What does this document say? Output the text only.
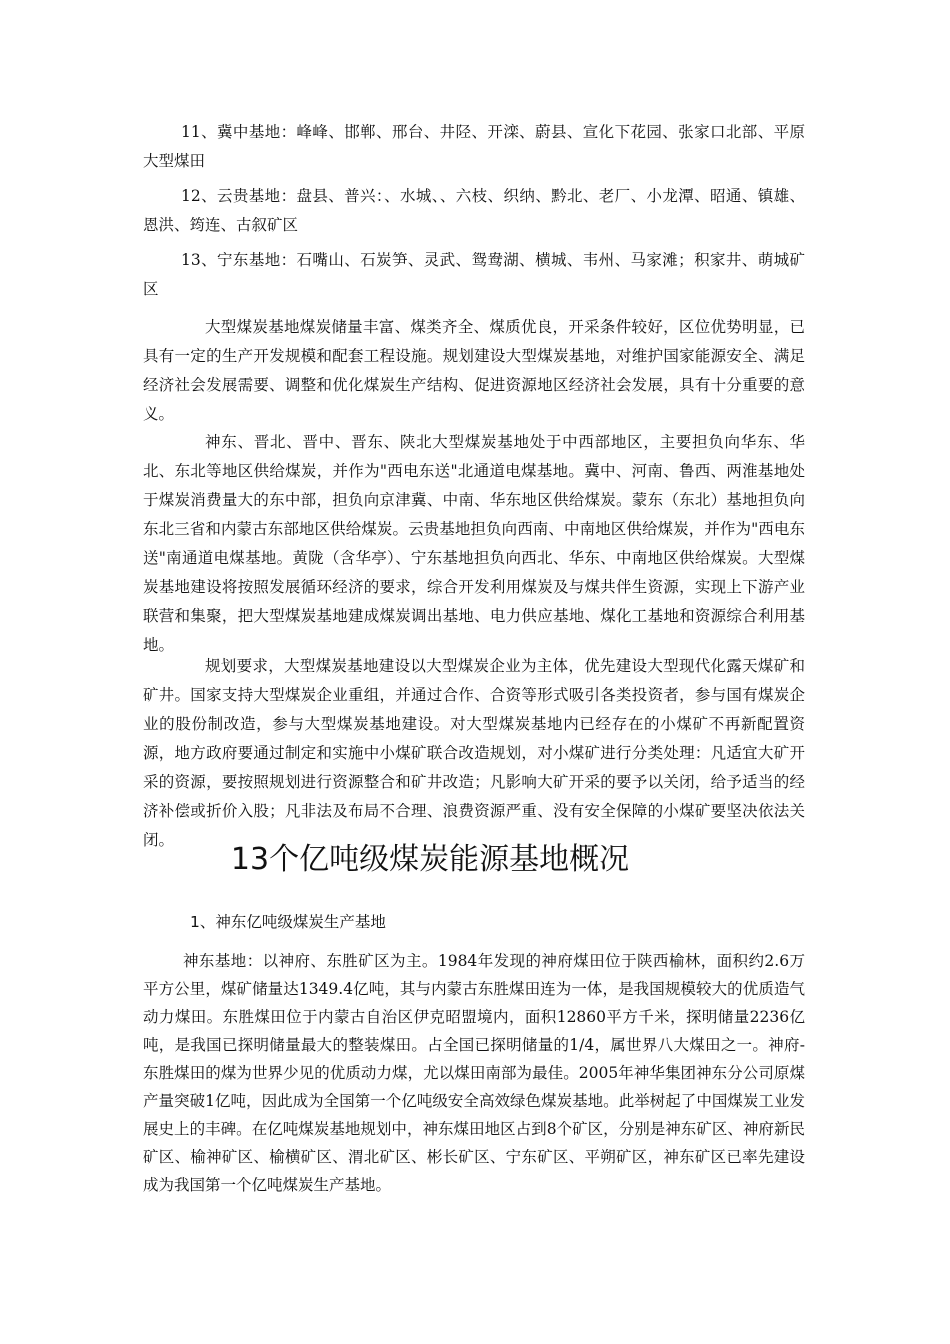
11、冀中基地：峰峰、邯郸、邢台、井陉、开滦、蔚县、宣化下花园、张家口北部、平原大型煤田

12、云贵基地：盘县、普兴：、水城、、六枝、织纳、黔北、老厂、小龙潭、昭通、镇雄、恩洪、筠连、古叙矿区

13、宁东基地：石嘴山、石炭笋、灵武、鸳鸯湖、横城、韦州、马家滩；积家井、萌城矿区

大型煤炭基地煤炭储量丰富、煤类齐全、煤质优良，开采条件较好，区位优势明显，已具有一定的生产开发规模和配套工程设施。规划建设大型煤炭基地，对维护国家能源安全、满足经济社会发展需要、调整和优化煤炭生产结构、促进资源地区经济社会发展，具有十分重要的意义。

神东、晋北、晋中、晋东、陕北大型煤炭基地处于中西部地区，主要担负向华东、华北、东北等地区供给煤炭，并作为"西电东送"北通道电煤基地。冀中、河南、鲁西、两淮基地处于煤炭消费量大的东中部，担负向京津冀、中南、华东地区供给煤炭。蒙东（东北）基地担负向东北三省和内蒙古东部地区供给煤炭。云贵基地担负向西南、中南地区供给煤炭，并作为"西电东送"南通道电煤基地。黄陇（含华亭）、宁东基地担负向西北、华东、中南地区供给煤炭。大型煤炭基地建设将按照发展循环经济的要求，综合开发利用煤炭及与煤共伴生资源，实现上下游产业联营和集聚，把大型煤炭基地建成煤炭调出基地、电力供应基地、煤化工基地和资源综合利用基地。

规划要求，大型煤炭基地建设以大型煤炭企业为主体，优先建设大型现代化露天煤矿和矿井。国家支持大型煤炭企业重组，并通过合作、合资等形式吸引各类投资者，参与国有煤炭企业的股份制改造，参与大型煤炭基地建设。对大型煤炭基地内已经存在的小煤矿不再新配置资源，地方政府要通过制定和实施中小煤矿联合改造规划，对小煤矿进行分类处理：凡适宜大矿开采的资源，要按照规划进行资源整合和矿井改造；凡影响大矿开采的要予以关闭，给予适当的经济补偿或折价入股；凡非法及布局不合理、浪费资源严重、没有安全保障的小煤矿要坚决依法关闭。

13个亿吨级煤炭能源基地概况

1、神东亿吨级煤炭生产基地

神东基地：以神府、东胜矿区为主。1984年发现的神府煤田位于陕西榆林，面积约2.6万平方公里，煤矿储量达1349.4亿吨，其与内蒙古东胜煤田连为一体，是我国规模较大的优质造气动力煤田。东胜煤田位于内蒙古自治区伊克昭盟境内，面积12860平方千米，探明储量2236亿吨，是我国已探明储量最大的整装煤田。占全国已探明储量的1/4，属世界八大煤田之一。神府-东胜煤田的煤为世界少见的优质动力煤，尤以煤田南部为最佳。2005年神华集团神东分公司原煤产量突破1亿吨，因此成为全国第一个亿吨级安全高效绿色煤炭基地。此举树起了中国煤炭工业发展史上的丰碑。在亿吨煤炭基地规划中，神东煤田地区占到8个矿区，分别是神东矿区、神府新民矿区、榆神矿区、榆横矿区、渭北矿区、彬长矿区、宁东矿区、平朔矿区，神东矿区已率先建设成为我国第一个亿吨煤炭生产基地。
